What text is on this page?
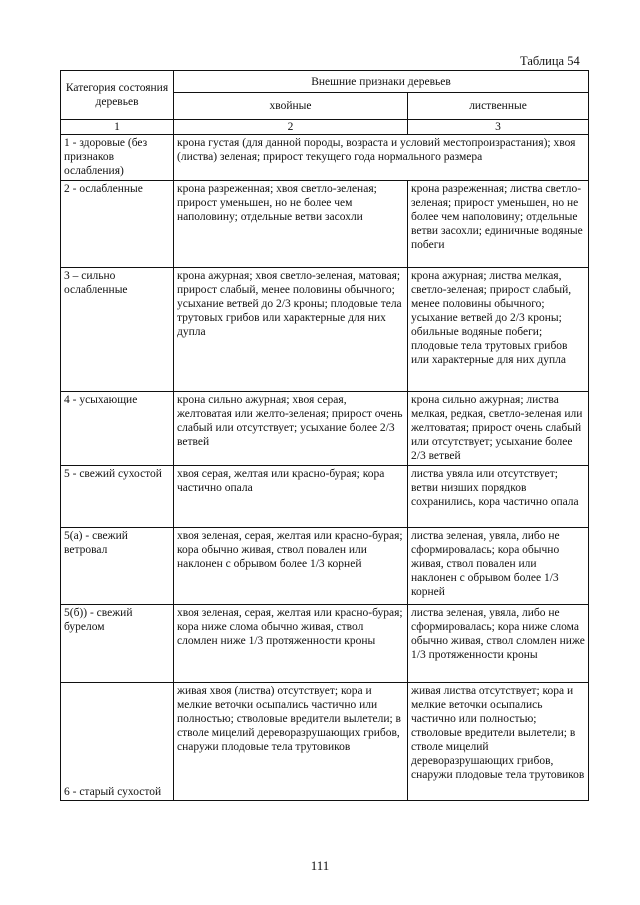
Таблица 54
Категория состояния деревьев	Внешние признаки деревьев	
	хвойные	лиственные
1	2	3
1 - здоровые (без признаков ослабления)	крона густая (для данной породы, возраста и условий местопроизрастания); хвоя (листва) зеленая; прирост текущего года нормального размера	
2 - ослабленные	крона разреженная; хвоя светло-зеленая; прирост уменьшен, но не более чем наполовину; отдельные ветви засохли	крона разреженная; листва светло-зеленая; прирост уменьшен, но не более чем наполовину; отдельные ветви засохли; единичные водяные побеги
3 – сильно ослабленные	крона ажурная; хвоя светло-зеленая, матовая; прирост слабый, менее половины обычного; усыхание ветвей до 2/3 кроны; плодовые тела трутовых грибов или характерные для них дупла	крона ажурная; листва мелкая, светло-зеленая; прирост слабый, менее половины обычного; усыхание ветвей до 2/3 кроны; обильные водяные побеги; плодовые тела трутовых грибов или характерные для них дупла
4 - усыхающие	крона сильно ажурная; хвоя серая, желтоватая или желто-зеленая; прирост очень слабый или отсутствует; усыхание более 2/3 ветвей	крона сильно ажурная; листва мелкая, редкая, светло-зеленая или желтоватая; прирост очень слабый или отсутствует; усыхание более 2/3 ветвей
5 - свежий сухостой	хвоя серая, желтая или красно-бурая; кора частично опала	листва увяла или отсутствует; ветви низших порядков сохранились, кора частично опала
5(а) - свежий ветровал	хвоя зеленая, серая, желтая или красно-бурая; кора обычно живая, ствол повален или наклонен с обрывом более 1/3 корней	листва зеленая, увяла, либо не сформировалась; кора обычно живая, ствол повален или наклонен с обрывом более 1/3 корней
5(б)) - свежий бурелом	хвоя зеленая, серая, желтая или красно-бурая; кора ниже слома обычно живая, ствол сломлен ниже 1/3 протяженности кроны	листва зеленая, увяла, либо не сформировалась; кора ниже слома обычно живая, ствол сломлен ниже 1/3 протяженности кроны
6 - старый сухостой	живая хвоя (листва) отсутствует; кора и мелкие веточки осыпались частично или полностью; стволовые вредители вылетели; в стволе мицелий дереворазрушающих грибов, снаружи плодовые тела трутовиков	живая листва отсутствует; кора и мелкие веточки осыпались частично или полностью; стволовые вредители вылетели; в стволе мицелий дереворазрушающих грибов, снаружи плодовые тела трутовиков
111
